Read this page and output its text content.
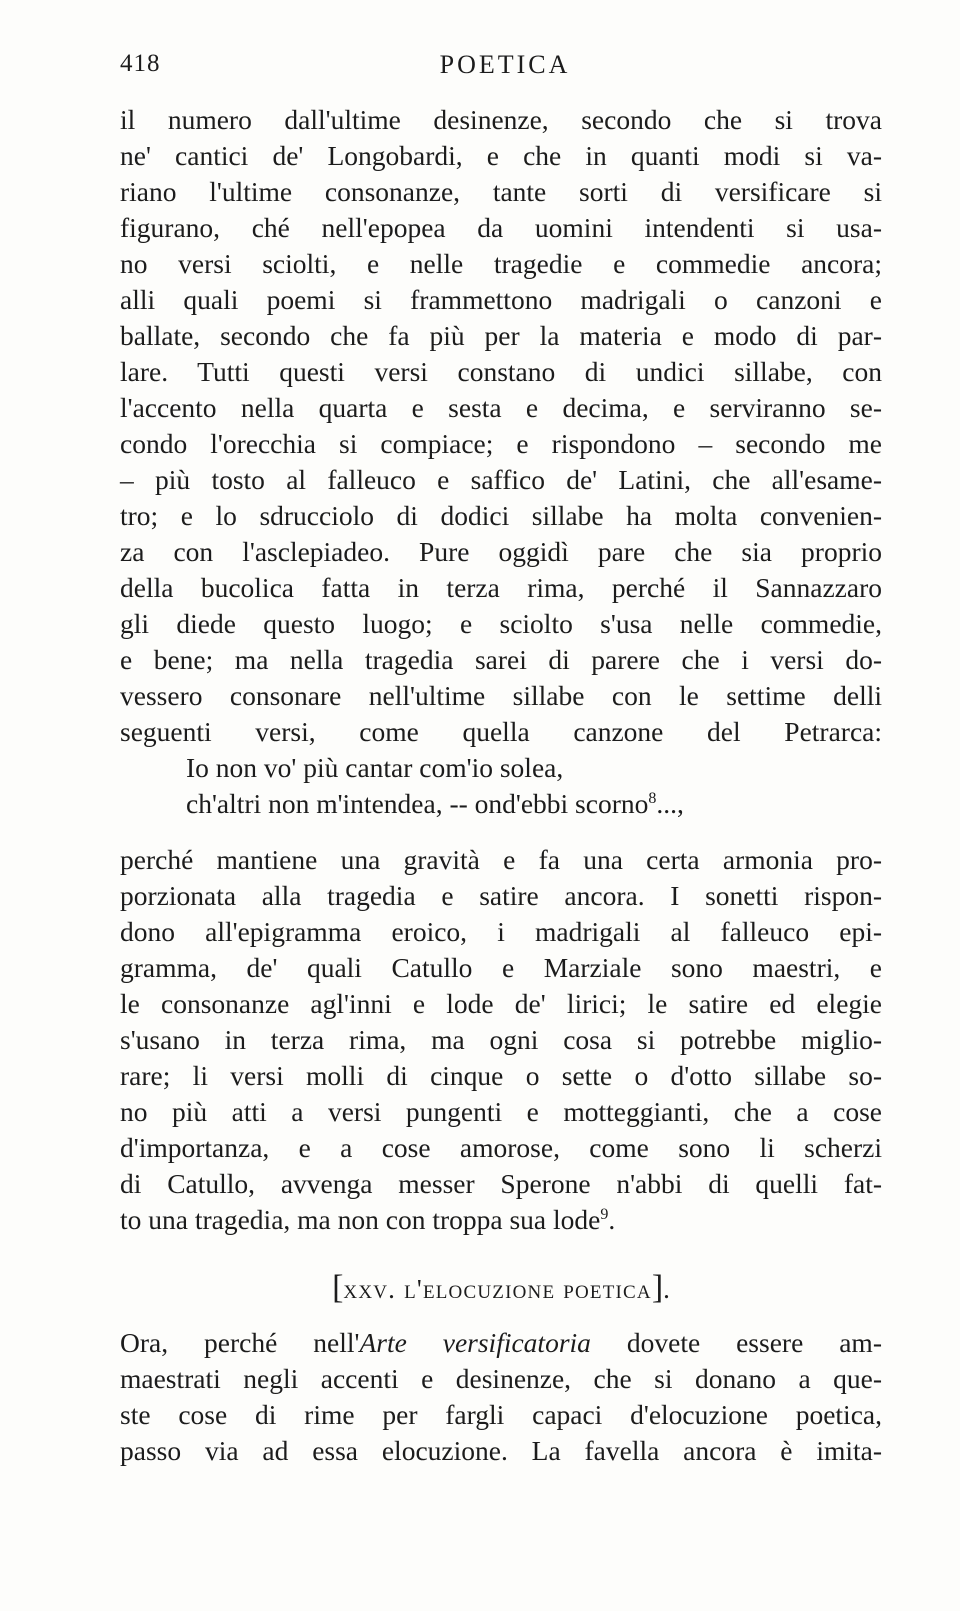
418	POETICA
il numero dall'ultime desinenze, secondo che si trova
ne' cantici de' Longobardi, e che in quanti modi si va‑
riano l'ultime consonanze, tante sorti di versificare si
figurano, ché nell'epopea da uomini intendenti si usa‑
no versi sciolti, e nelle tragedie e commedie ancora;
alli quali poemi si frammettono madrigali o canzoni e
ballate, secondo che fa più per la materia e modo di par‑
lare. Tutti questi versi constano di undici sillabe, con
l'accento nella quarta e sesta e decima, e serviranno se‑
condo l'orecchia si compiace; e rispondono – secondo me
– più tosto al falleuco e saffico de' Latini, che all'esame‑
tro; e lo sdrucciolo di dodici sillabe ha molta convenien‑
za con l'asclepiadeo. Pure oggidì pare che sia proprio
della bucolica fatta in terza rima, perché il Sannazzaro
gli diede questo luogo; e sciolto s'usa nelle commedie,
e bene; ma nella tragedia sarei di parere che i versi do‑
vessero consonare nell'ultime sillabe con le settime delli
seguenti versi, come quella canzone del Petrarca:
Io non vo' più cantar com'io solea,
ch'altri non m'intendea, -- ond'ebbi scorno$^8$...,
perché mantiene una gravità e fa una certa armonia pro‑
porzionata alla tragedia e satire ancora. I sonetti rispon‑
dono all'epigramma eroico, i madrigali al falleuco epi‑
gramma, de' quali Catullo e Marziale sono maestri, e
le consonanze agl'inni e lode de' lirici; le satire ed elegie
s'usano in terza rima, ma ogni cosa si potrebbe miglio‑
rare; li versi molli di cinque o sette o d'otto sillabe so‑
no più atti a versi pungenti e motteggianti, che a cose
d'importanza, e a cose amorose, come sono li scherzi
di Catullo, avvenga messer Sperone n'abbi di quelli fat‑
to una tragedia, ma non con troppa sua lode$^9$.
[xxv. l'elocuzione poetica].
Ora, perché nell'Arte versificatoria dovete essere am‑
maestrati negli accenti e desinenze, che si donano a que‑
ste cose di rime per fargli capaci d'elocuzione poetica,
passo via ad essa elocuzione. La favella ancora è imita‑
